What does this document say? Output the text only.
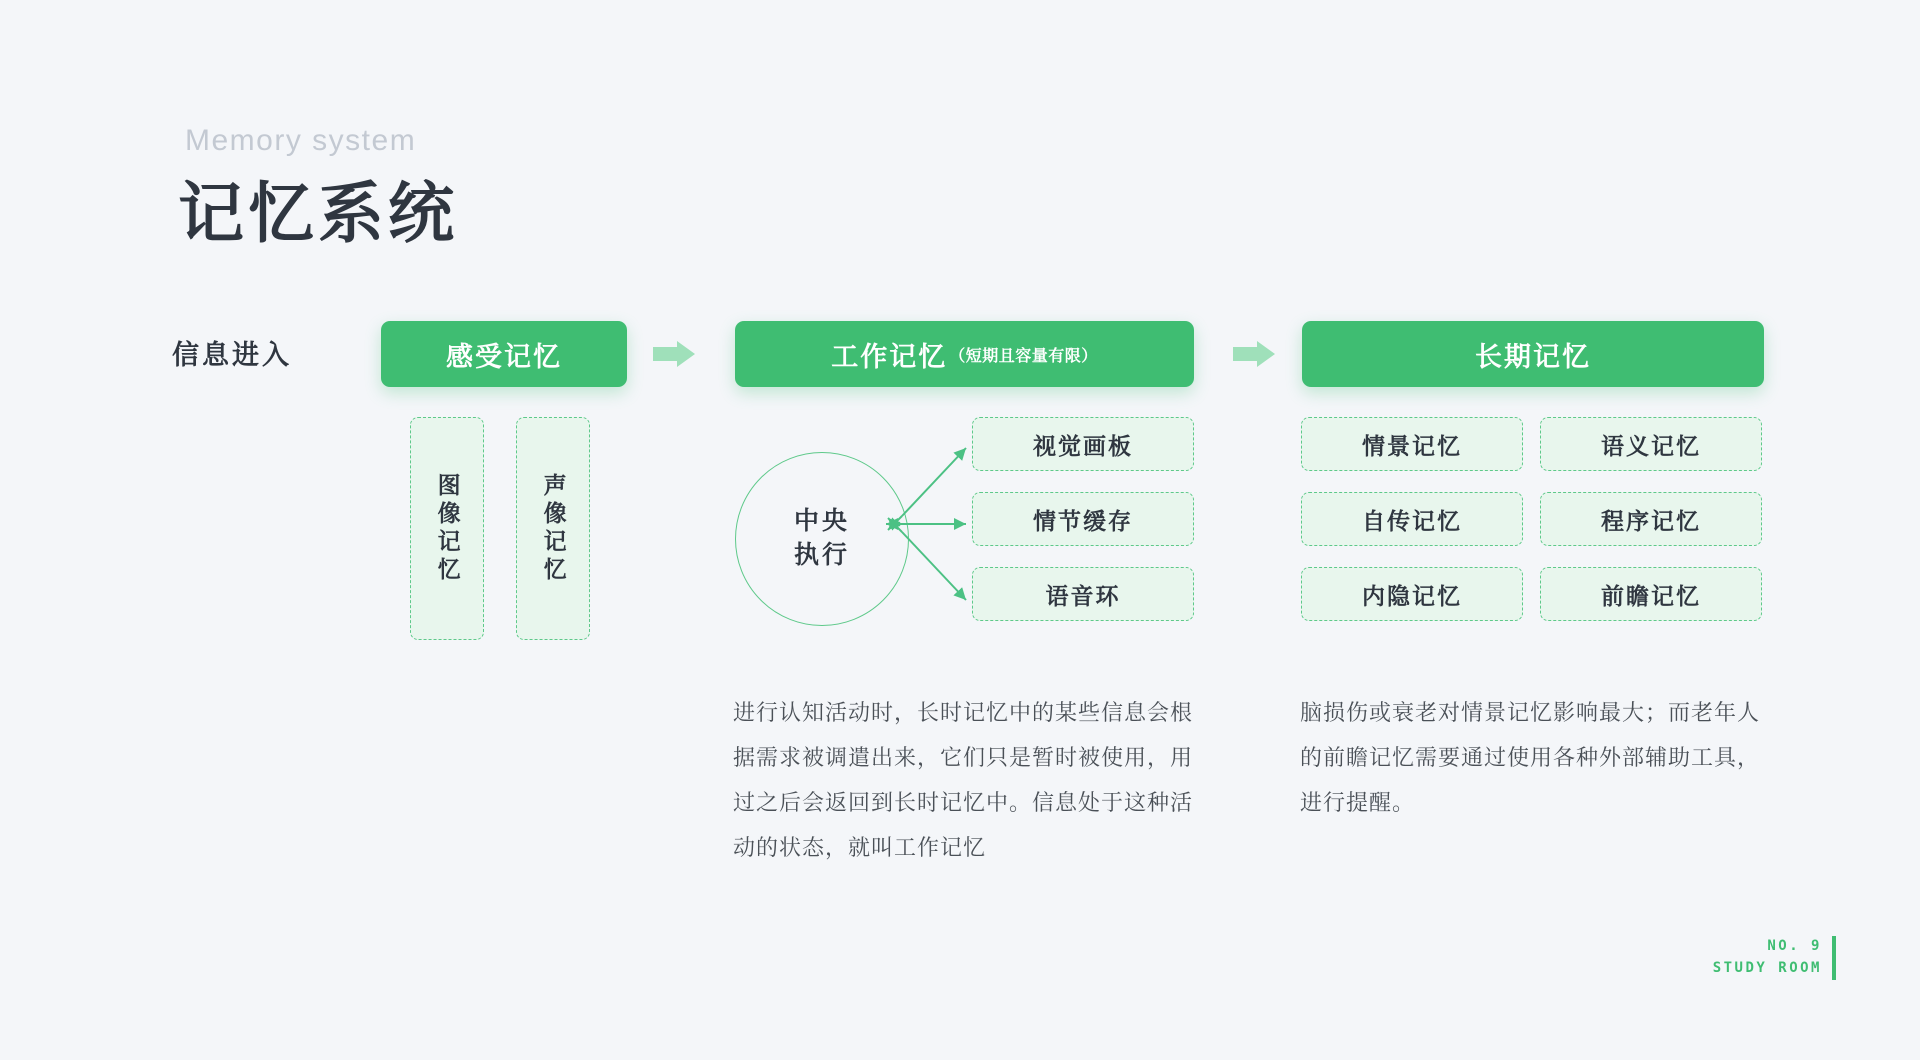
Memory system
记忆系统
信息进入	感受记忆	工作记忆 （短期且容量有限）	长期记忆
图像记忆	声像记忆	中央
执行
视觉画板
情节缓存
语音环
情景记忆	语义记忆
自传记忆	程序记忆
内隐记忆	前瞻记忆
进行认知活动时，长时记忆中的某些信息会根据需求被调遣出来，它们只是暂时被使用，用过之后会返回到长时记忆中。信息处于这种活动的状态，就叫工作记忆
脑损伤或衰老对情景记忆影响最大；而老年人的前瞻记忆需要通过使用各种外部辅助工具，进行提醒。
NO. 9
STUDY ROOM
